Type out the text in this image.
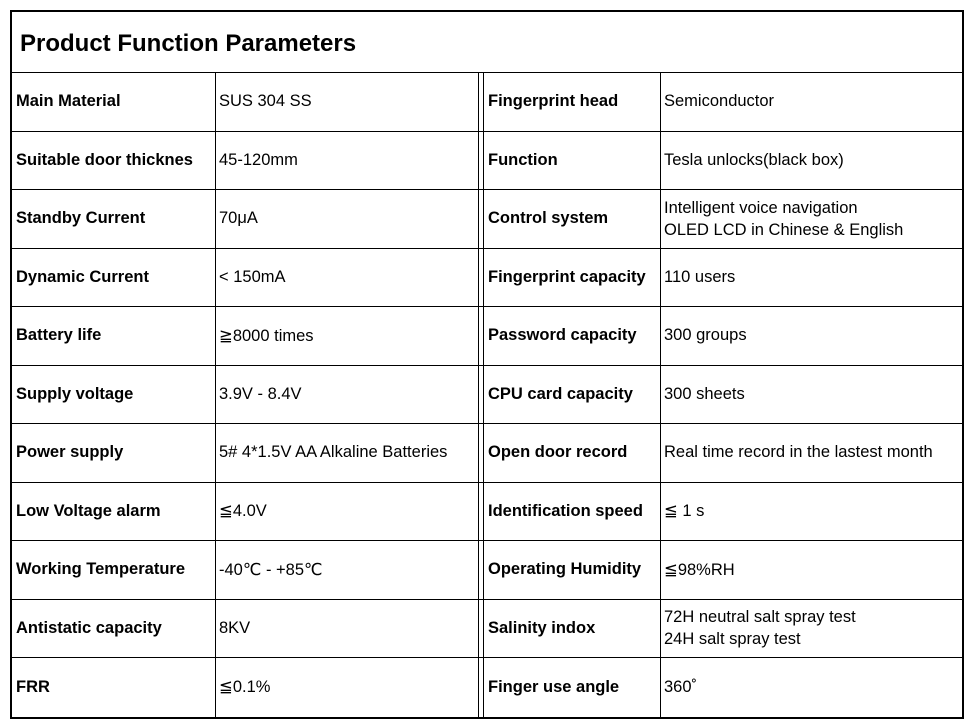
Product Function Parameters
Main Material	SUS 304 SS	Fingerprint head	Semiconductor
Suitable door thicknes	45-120mm	Function	Tesla unlocks(black box)
Standby Current	70μA	Control system
Intelligent voice navigation
OLED LCD in Chinese & English
Dynamic Current	< 150mA	Fingerprint capacity	110 users
Battery life	≧8000 times	Password capacity	300 groups
Supply voltage	3.9V - 8.4V	CPU card capacity	300 sheets
Power supply	5# 4*1.5V AA Alkaline Batteries	Open door record	Real time record in the lastest month
Low Voltage alarm	≦4.0V	Identification speed	≦ 1 s
Working Temperature	-40℃ - +85℃	Operating Humidity	≦98%RH
Antistatic capacity	8KV	Salinity indox
72H neutral salt spray test
24H salt spray test
FRR	≦0.1%	Finger use angle	360˚
